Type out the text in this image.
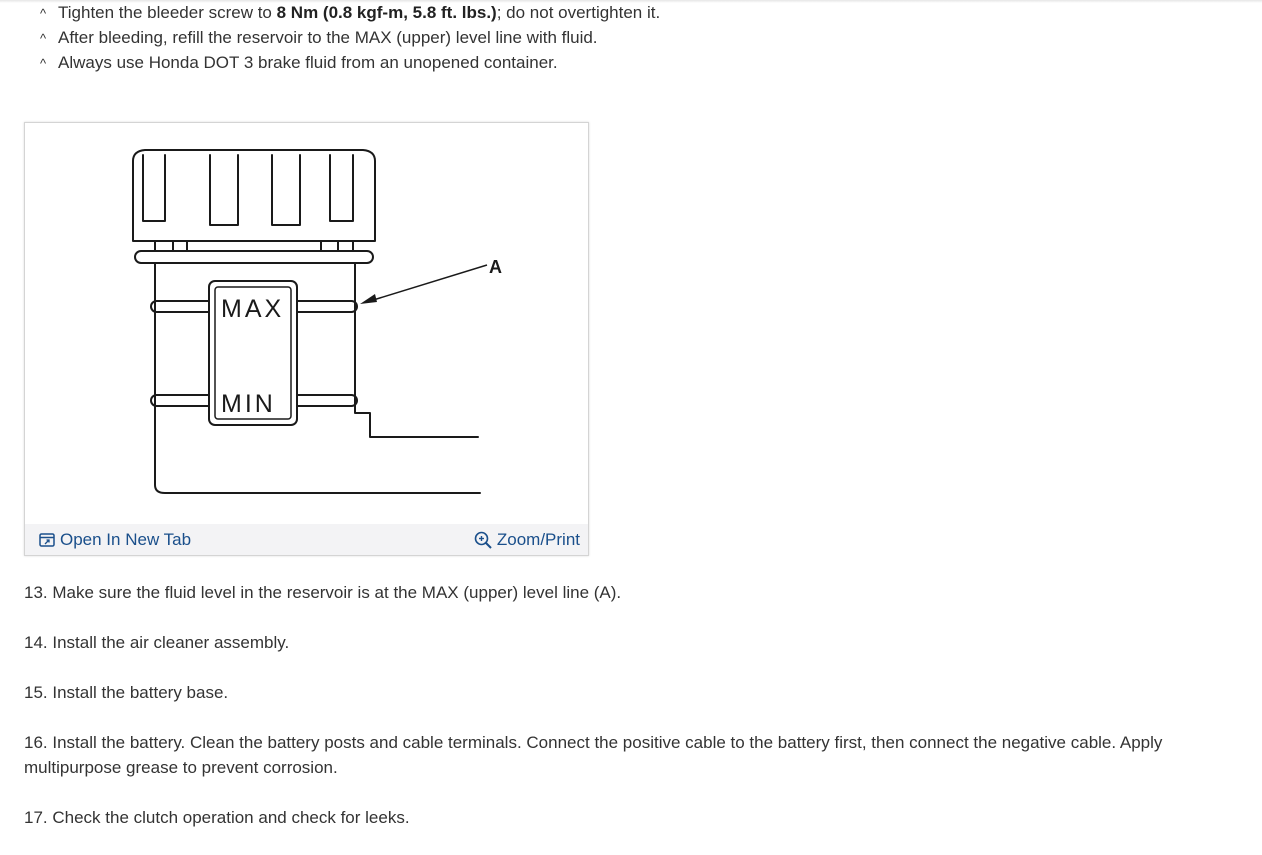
^ Tighten the bleeder screw to 8 Nm (0.8 kgf-m, 5.8 ft. lbs.); do not overtighten it.
^ After bleeding, refill the reservoir to the MAX (upper) level line with fluid.
^ Always use Honda DOT 3 brake fluid from an unopened container.
MAX
MIN
A
Open In New Tab	Zoom/Print
13. Make sure the fluid level in the reservoir is at the MAX (upper) level line (A).
14. Install the air cleaner assembly.
15. Install the battery base.
16. Install the battery. Clean the battery posts and cable terminals. Connect the positive cable to the battery first, then connect the negative cable. Apply multipurpose grease to prevent corrosion.
17. Check the clutch operation and check for leeks.
